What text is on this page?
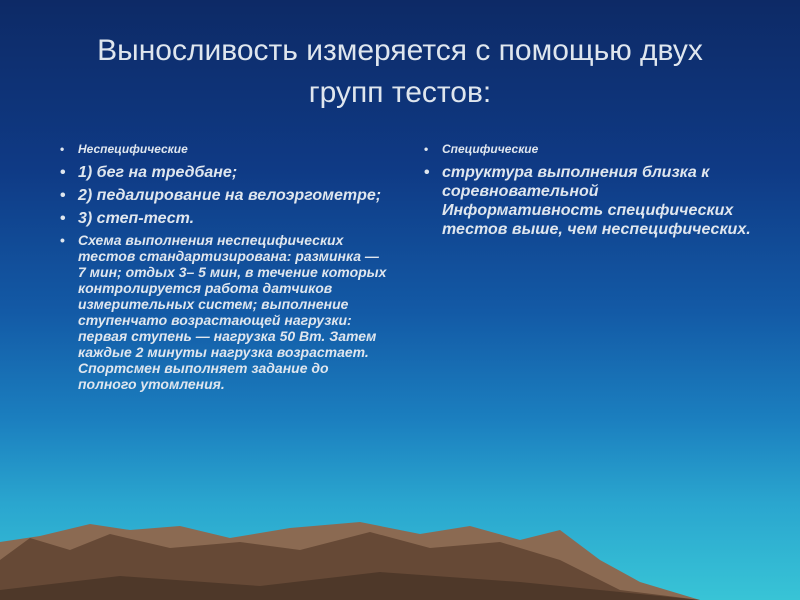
Выносливость измеряется с помощью двух
групп тестов:
• Неспецифические
• 1) бег на тредбане;
• 2) педалирование на велоэргометре;
• 3) степ-тест.
• Схема выполнения неспецифических тестов стандартизирована: разминка — 7 мин; отдых 3– 5 мин, в течение которых контролируется работа датчиков измерительных систем; выполнение ступенчато возрастающей нагрузки: первая ступень — нагрузка 50 Вт. Затем каждые 2 минуты нагрузка возрастает. Спортсмен выполняет задание до полного утомления.
• Специфические
• структура выполнения близка к соревновательной Информативность специфических тестов выше, чем неспецифических.
